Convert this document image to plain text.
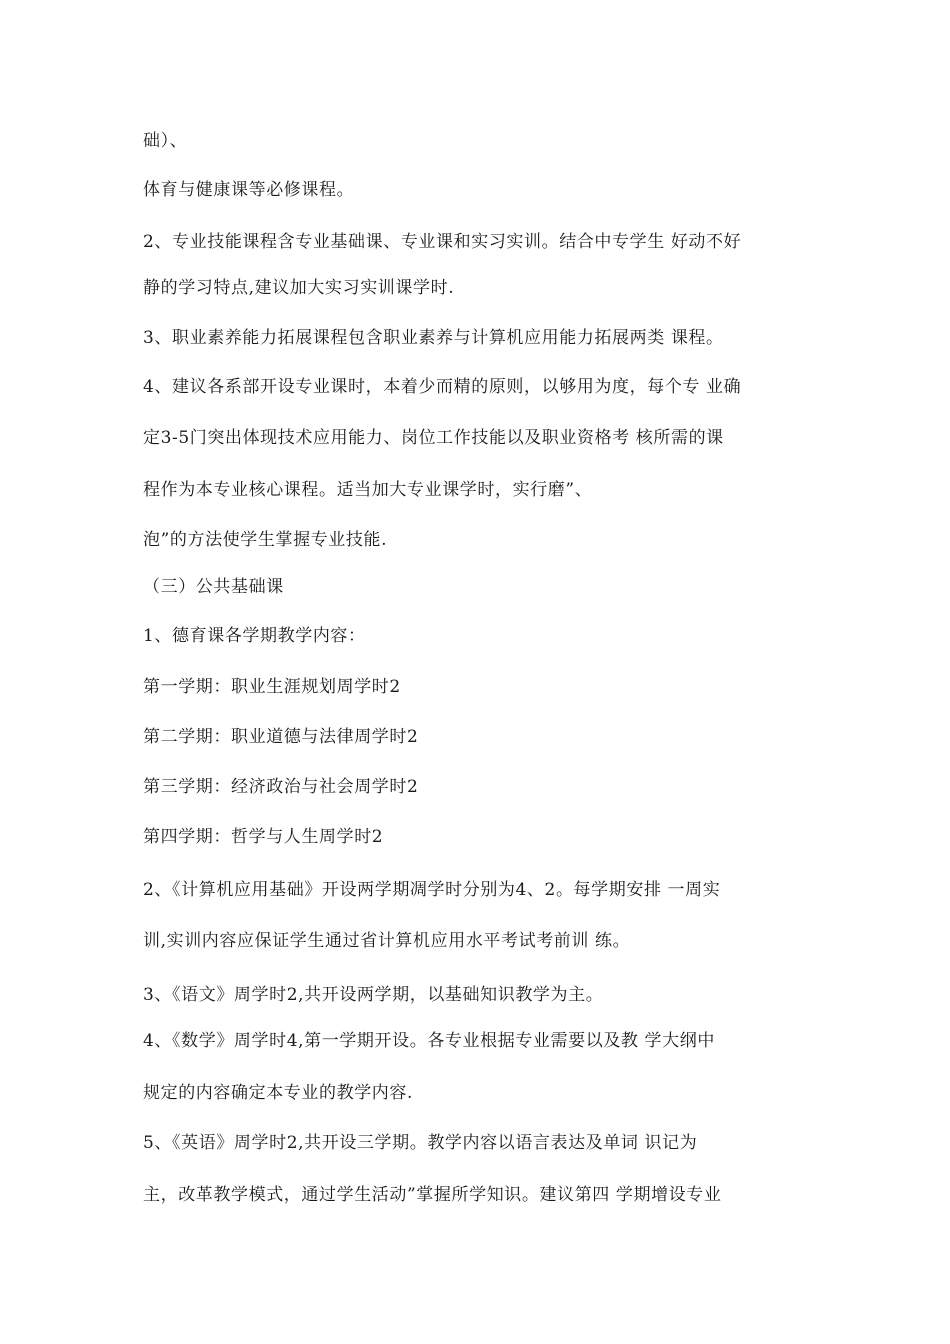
础）、
体育与健康课等必修课程。
2、专业技能课程含专业基础课、专业课和实习实训。结合中专学生 好动不好
静的学习特点,建议加大实习实训课学时.
3、职业素养能力拓展课程包含职业素养与计算机应用能力拓展两类 课程。
4、建议各系部开设专业课时，本着少而精的原则，以够用为度，每个专 业确
定3-5门突出体现技术应用能力、岗位工作技能以及职业资格考 核所需的课
程作为本专业核心课程。适当加大专业课学时，实行磨”、
泡”的方法使学生掌握专业技能.
（三）公共基础课
1、德育课各学期教学内容：
第一学期：职业生涯规划周学时2
第二学期：职业道德与法律周学时2
第三学期：经济政治与社会周学时2
第四学期：哲学与人生周学时2
2、《计算机应用基础》开设两学期凋学时分别为4、2。每学期安排 一周实
训,实训内容应保证学生通过省计算机应用水平考试考前训 练。
3、《语文》周学时2,共开设两学期，以基础知识教学为主。
4、《数学》周学时4,第一学期开设。各专业根据专业需要以及教 学大纲中
规定的内容确定本专业的教学内容.
5、《英语》周学时2,共开设三学期。教学内容以语言表达及单词 识记为
主，改革教学模式，通过学生活动”掌握所学知识。建议第四 学期增设专业
